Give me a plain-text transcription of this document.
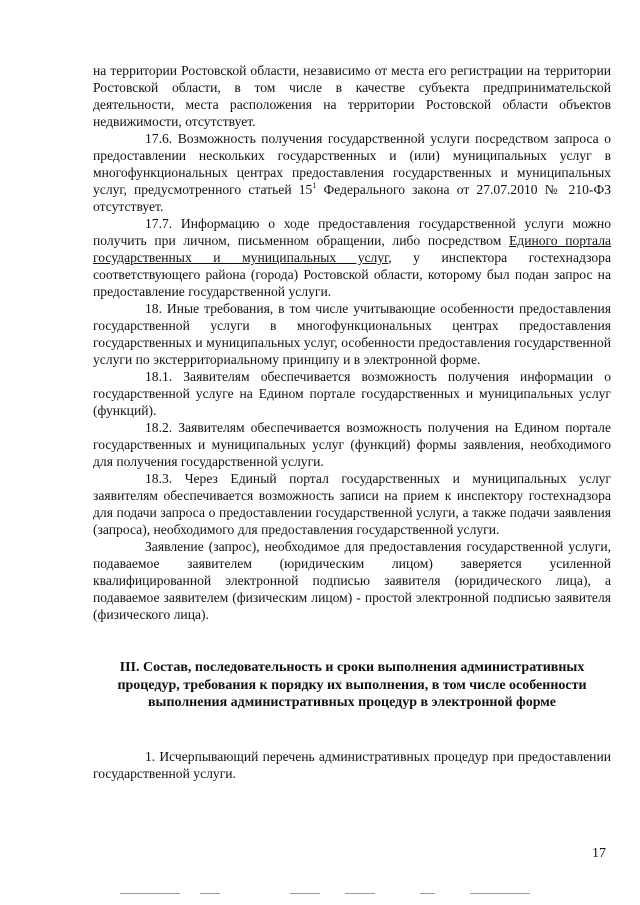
на территории Ростовской области, независимо от места его регистрации на территории Ростовской области, в том числе в качестве субъекта предпринимательской деятельности, места расположения на территории Ростовской области объектов недвижимости, отсутствует.

17.6. Возможность получения государственной услуги посредством запроса о предоставлении нескольких государственных и (или) муниципальных услуг в многофункциональных центрах предоставления государственных и муниципальных услуг, предусмотренного статьей $15^1$ Федерального закона от 27.07.2010 № 210-ФЗ отсутствует.

17.7. Информацию о ходе предоставления государственной услуги можно получить при личном, письменном обращении, либо посредством Единого портала государственных и муниципальных услуг, у инспектора гостехнадзора соответствующего района (города) Ростовской области, которому был подан запрос на предоставление государственной услуги.

18. Иные требования, в том числе учитывающие особенности предоставления государственной услуги в многофункциональных центрах предоставления государственных и муниципальных услуг, особенности предоставления государственной услуги по экстерриториальному принципу и в электронной форме.

18.1. Заявителям обеспечивается возможность получения информации о государственной услуге на Едином портале государственных и муниципальных услуг (функций).

18.2. Заявителям обеспечивается возможность получения на Едином портале государственных и муниципальных услуг (функций) формы заявления, необходимого для получения государственной услуги.

18.3. Через Единый портал государственных и муниципальных услуг заявителям обеспечивается возможность записи на прием к инспектору гостехнадзора для подачи запроса о предоставлении государственной услуги, а также подачи заявления (запроса), необходимого для предоставления государственной услуги.

Заявление (запрос), необходимое для предоставления государственной услуги, подаваемое заявителем (юридическим лицом) заверяется усиленной квалифицированной электронной подписью заявителя (юридического лица), а подаваемое заявителем (физическим лицом) - простой электронной подписью заявителя (физического лица).

III. Состав, последовательность и сроки выполнения административных процедур, требования к порядку их выполнения, в том числе особенности выполнения административных процедур в электронной форме

1. Исчерпывающий перечень административных процедур при предоставлении государственной услуги.

17
